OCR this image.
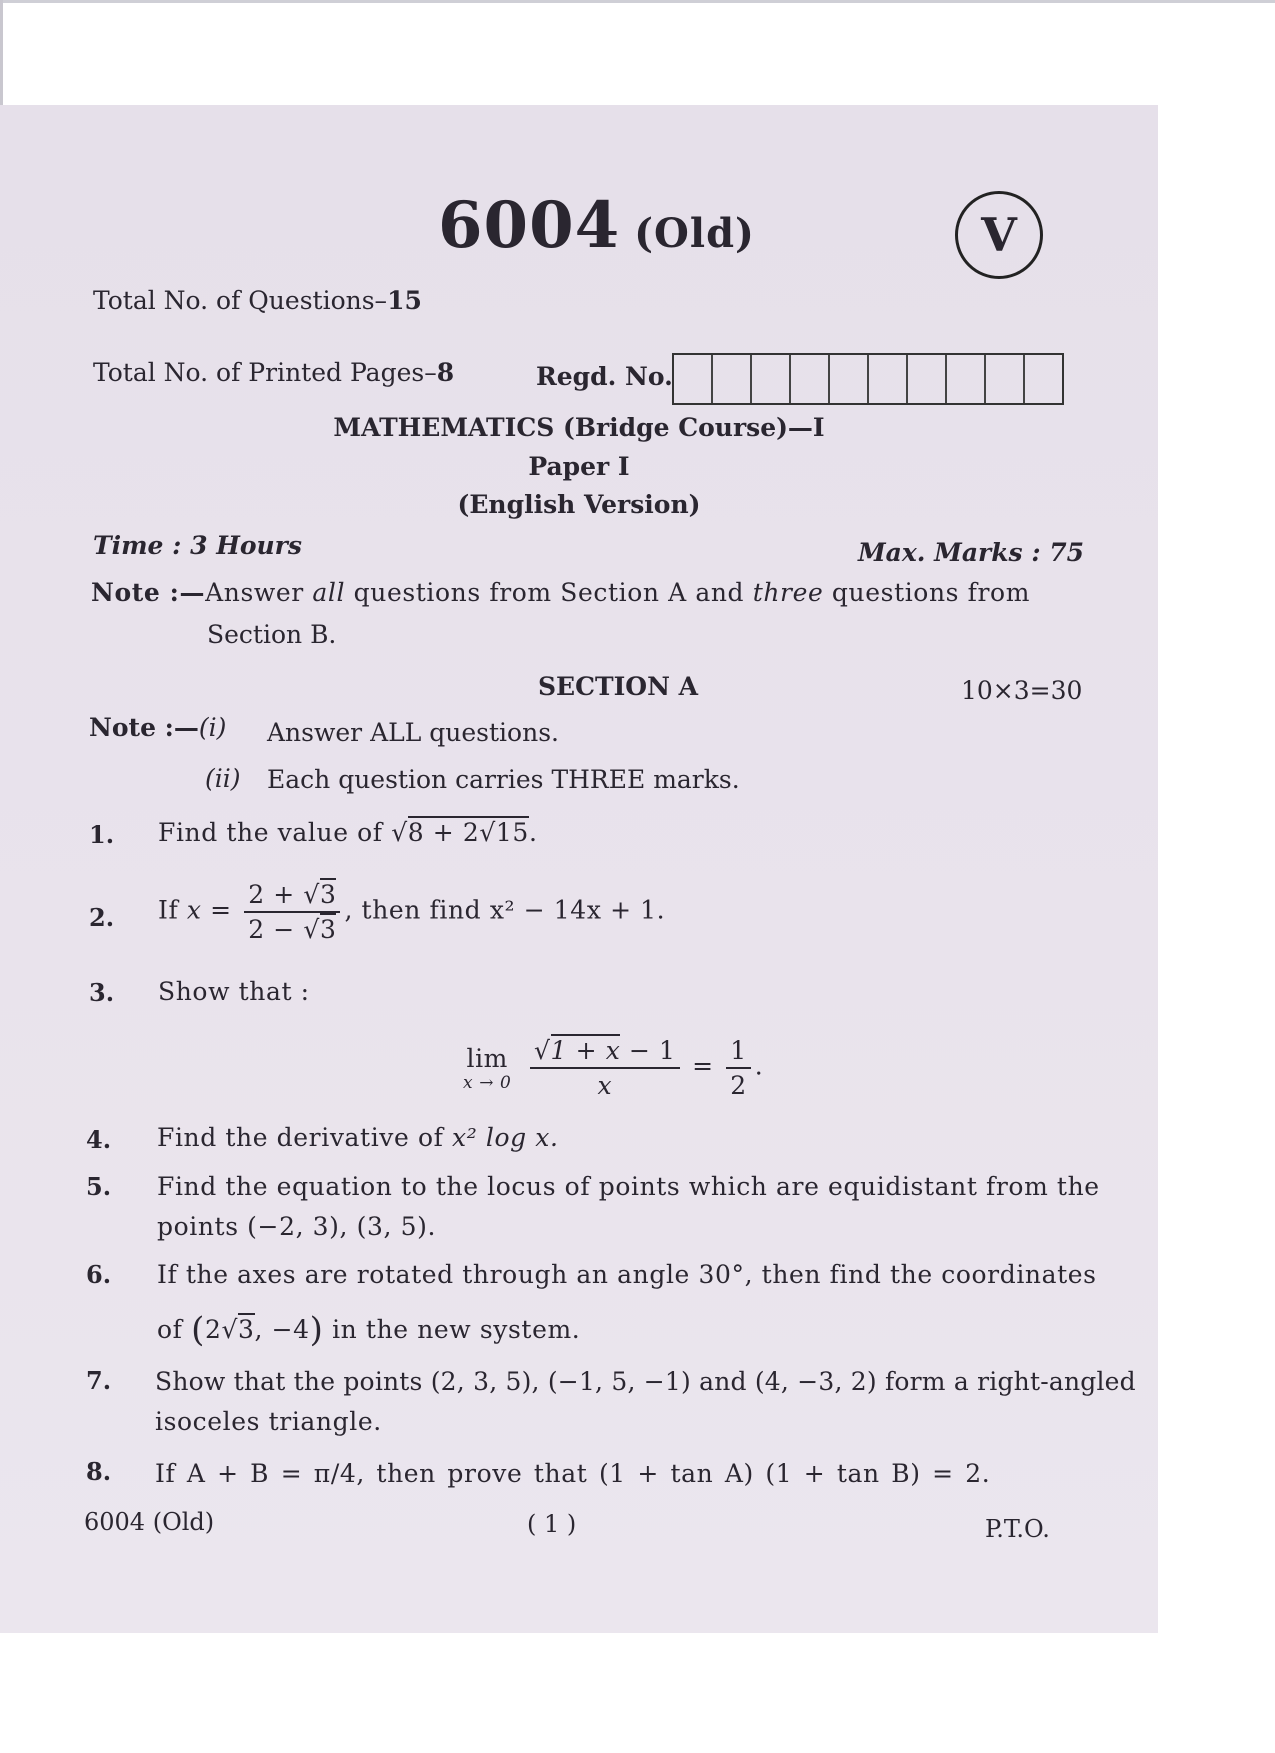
6004 (Old)	V
Total No. of Questions–15
Total No. of Printed Pages–8	Regd. No.
MATHEMATICS (Bridge Course)—I
Paper I
(English Version)
Time : 3 Hours	Max. Marks : 75
Note :—Answer all questions from Section A and three questions from
Section B.
SECTION A	10×3=30
Note :—(i) Answer ALL questions.
(ii) Each question carries THREE marks.
1. Find the value of √8 + 2√15.
2. If $x = \frac{2 + √3}{2 - √3}$ , then find x² − 14x + 1.
3. Show that :
lim
x → 0
$\frac{√1 + x - 1}{x} = \frac{1}{2}$ .
4. Find the derivative of x² log x.
5. Find the equation to the locus of points which are equidistant from the
points (−2, 3), (3, 5).
6. If the axes are rotated through an angle 30°, then find the coordinates
of (2√3, −4) in the new system.
7. Show that the points (2, 3, 5), (−1, 5, −1) and (4, −3, 2) form a right-angled
isoceles triangle.
8. If A + B = π/4, then prove that (1 + tan A) (1 + tan B) = 2.
6004 (Old)	( 1 )	P.T.O.
